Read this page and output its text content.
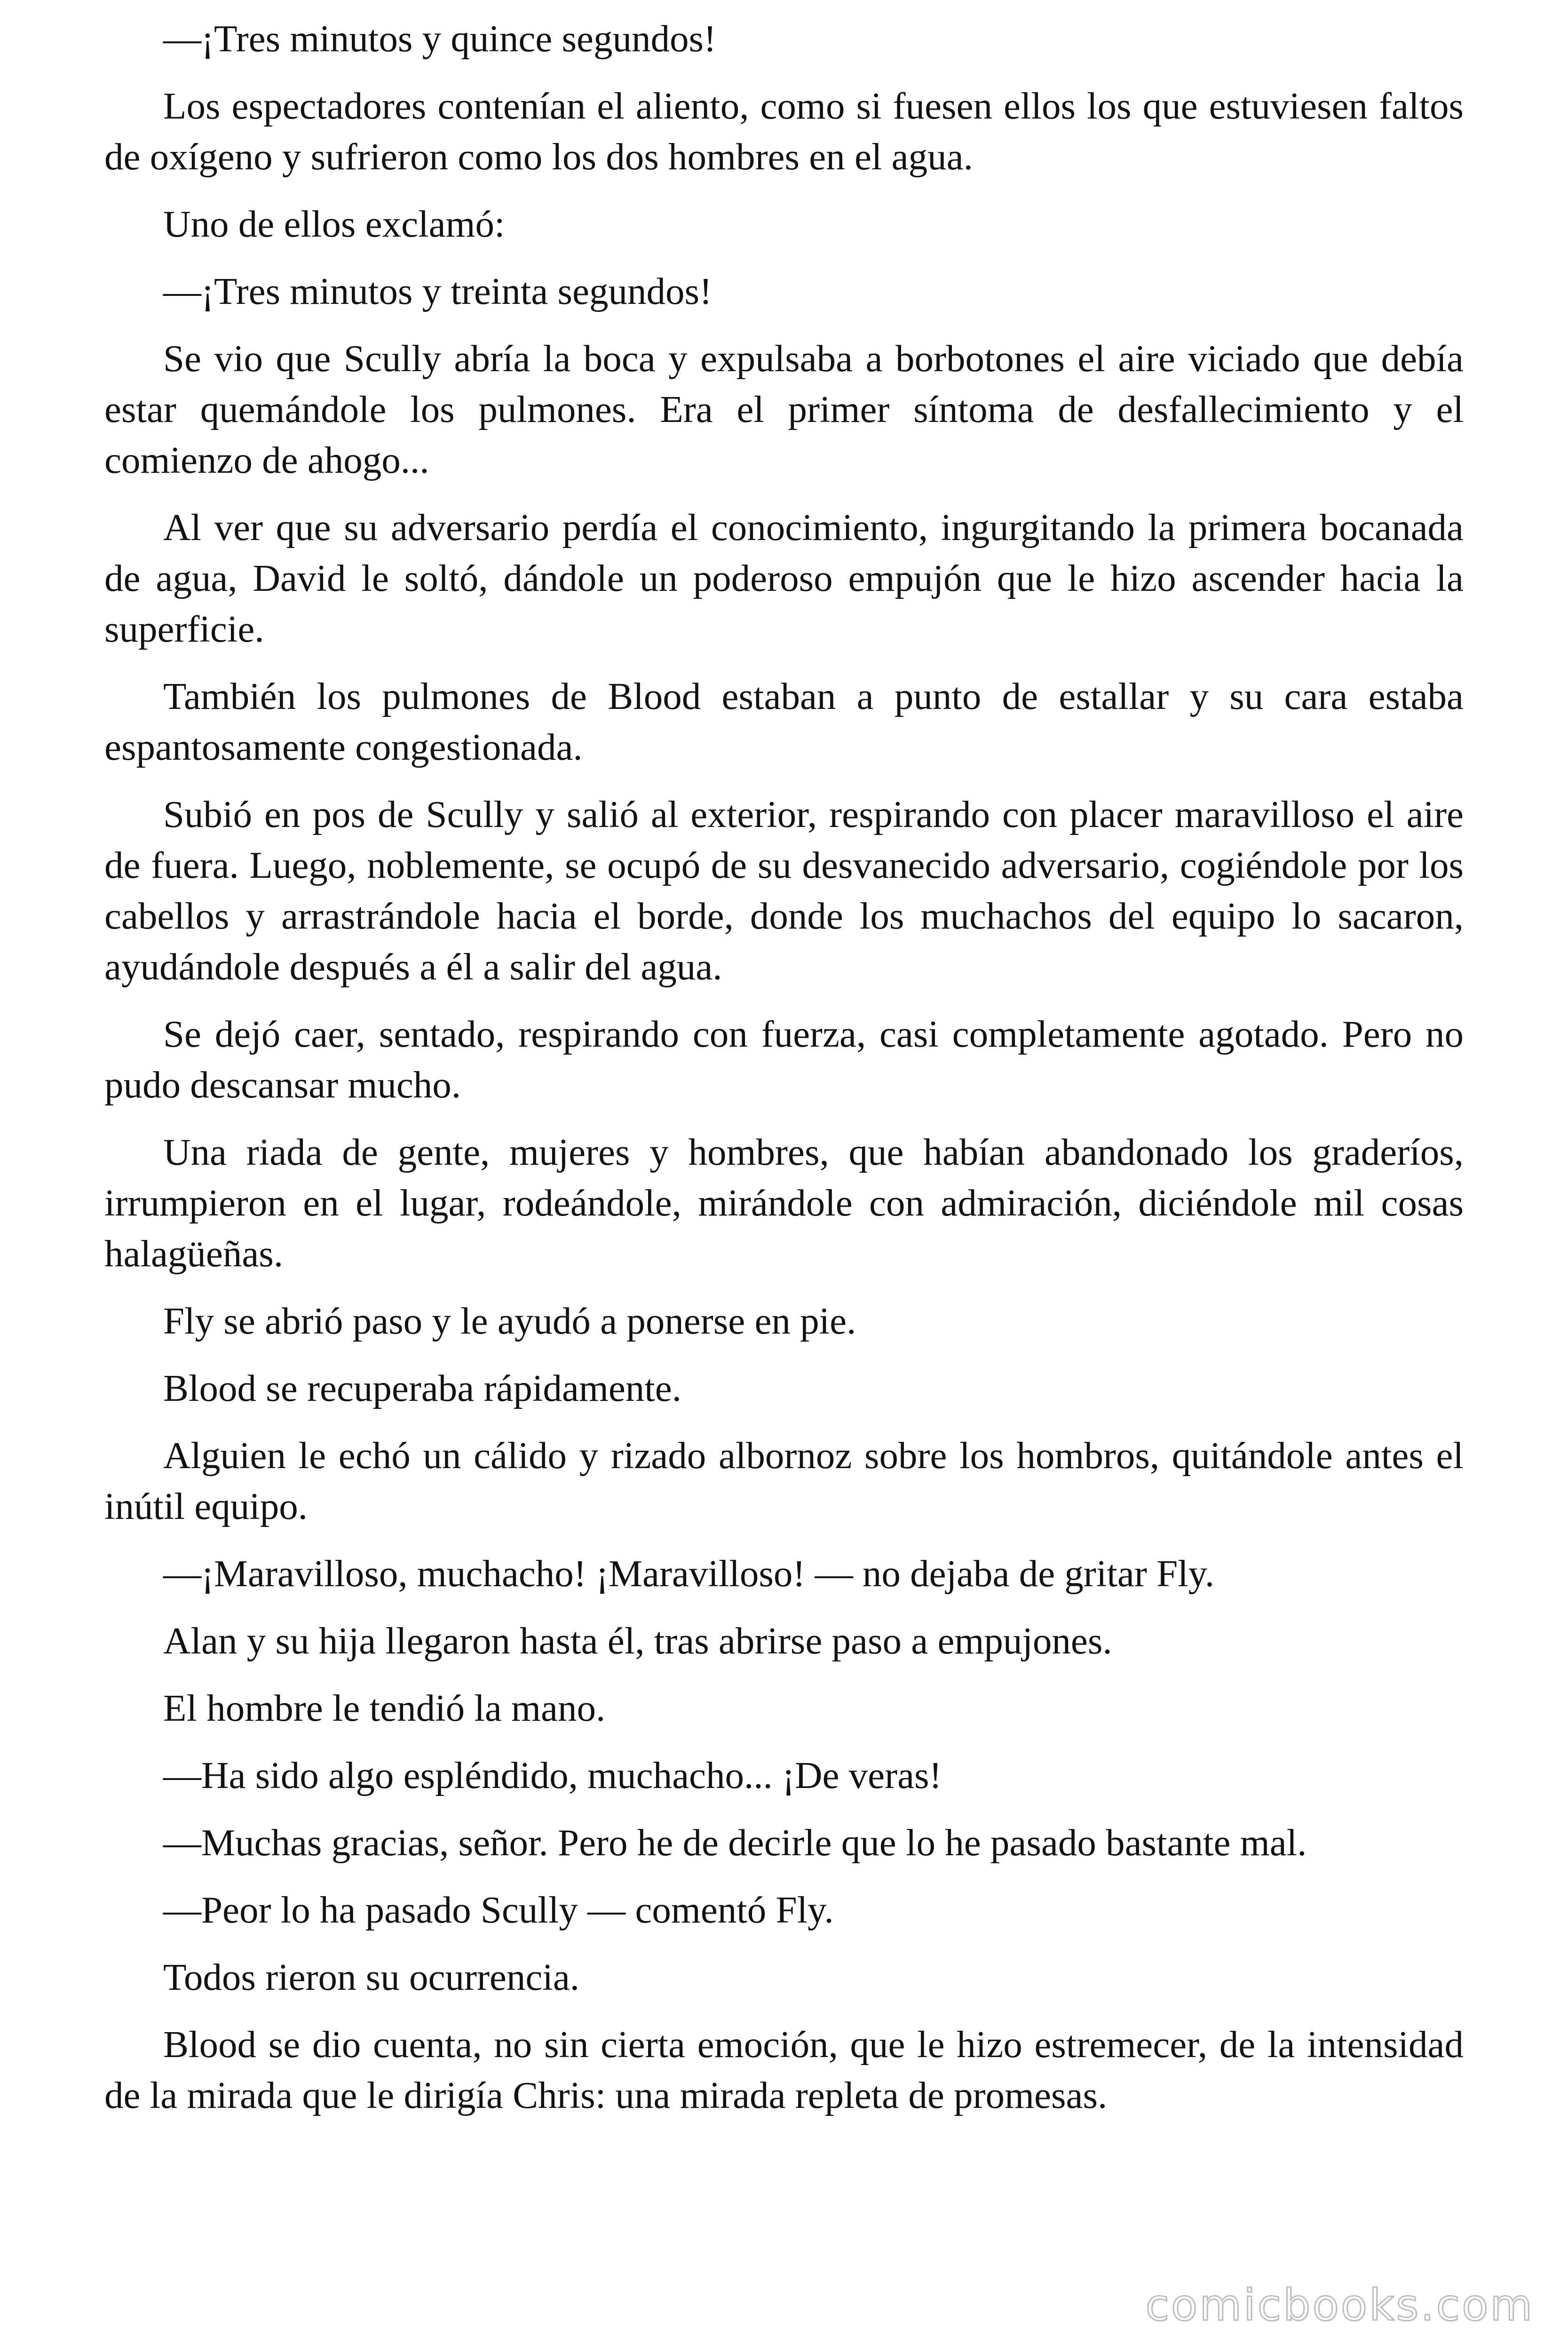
—¡Tres minutos y quince segundos!

Los espectadores contenían el aliento, como si fuesen ellos los que estuviesen faltos de oxígeno y sufrieron como los dos hombres en el agua.

Uno de ellos exclamó:

—¡Tres minutos y treinta segundos!

Se vio que Scully abría la boca y expulsaba a borbotones el aire viciado que debía estar quemándole los pulmones. Era el primer síntoma de desfallecimiento y el comienzo de ahogo...

Al ver que su adversario perdía el conocimiento, ingurgitando la primera bocanada de agua, David le soltó, dándole un poderoso empujón que le hizo ascender hacia la superficie.

También los pulmones de Blood estaban a punto de estallar y su cara estaba espantosamente congestionada.

Subió en pos de Scully y salió al exterior, respirando con placer maravilloso el aire de fuera. Luego, noblemente, se ocupó de su desvanecido adversario, cogiéndole por los cabellos y arrastrándole hacia el borde, donde los muchachos del equipo lo sacaron, ayudándole después a él a salir del agua.

Se dejó caer, sentado, respirando con fuerza, casi completamente agotado. Pero no pudo descansar mucho.

Una riada de gente, mujeres y hombres, que habían abandonado los graderíos, irrumpieron en el lugar, rodeándole, mirándole con admiración, diciéndole mil cosas halagüeñas.

Fly se abrió paso y le ayudó a ponerse en pie.

Blood se recuperaba rápidamente.

Alguien le echó un cálido y rizado albornoz sobre los hombros, quitándole antes el inútil equipo.

—¡Maravilloso, muchacho! ¡Maravilloso! — no dejaba de gritar Fly.

Alan y su hija llegaron hasta él, tras abrirse paso a empujones.

El hombre le tendió la mano.

—Ha sido algo espléndido, muchacho... ¡De veras!

—Muchas gracias, señor. Pero he de decirle que lo he pasado bastante mal.

—Peor lo ha pasado Scully — comentó Fly.

Todos rieron su ocurrencia.

Blood se dio cuenta, no sin cierta emoción, que le hizo estremecer, de la intensidad de la mirada que le dirigía Chris: una mirada repleta de promesas.

comicbooks.com
